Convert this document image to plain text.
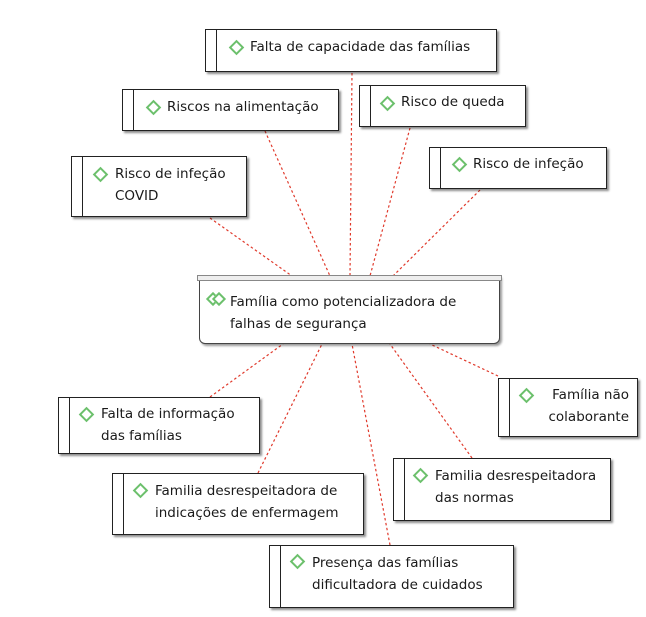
Família como potencializadora de
falhas de segurança
Falta de capacidade das famílias
Riscos na alimentação	Risco de queda
Risco de infeção
Risco de infeção
COVID
Falta de informação
das famílias
Família não
colaborante
Familia desrespeitadora de
indicações de enfermagem
Familia desrespeitadora
das normas
Presença das famílias
dificultadora de cuidados
